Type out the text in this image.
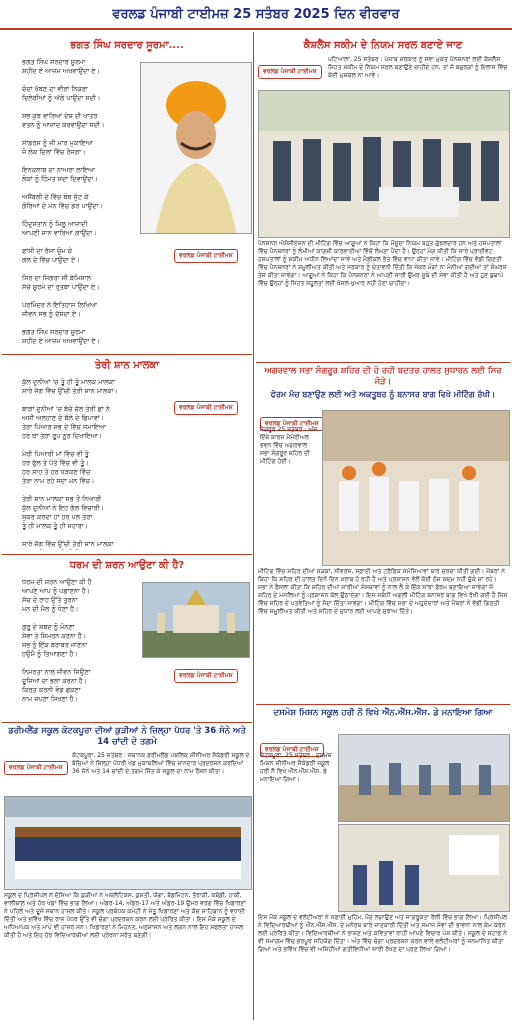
ਵਰਲਡ ਪੰਜਾਬੀ ਟਾਈਮਜ਼ 25 ਸਤੰਬਰ 2025 ਦਿਨ ਵੀਰਵਾਰ
ਭਗਤ ਸਿੰਘ ਸਰਦਾਰ ਸੂਰਮਾ....
ਭਗਤ ਸਿੰਘ ਸਰਦਾਰ ਸੂਰਮਾ
ਸ਼ਹੀਦ ਏ ਆਜ਼ਮ ਅਖਵਾਉਂਦਾ ਏ।

ਚੰਦਾਂ ਖੱਬਣ ਦਾ ਵੀਰਾ ਨਿਕਰਾ
ਦਿਲੇਰੀਆਂ ਨੂੰ ਅੱਗੇ ਪਾਉਂਦਾ ਸਦੀ।

ਸਭ ਕੁਝ ਵਾਰਿਆ ਦੇਸ਼ ਦੀ ਖਾਤਰ
ਵਤਨ ਨੂੰ ਆਜ਼ਾਦ ਕਰਵਾਉਂਦਾ ਸਦੀ।

ਸਾਂਡਰਸ ਨੂੰ ਜੀ ਮਾਰ ਮੁਕਾਇਆ
ਜੋ ਲੋਕ ਦਿਲਾਂ ਵਿੱਚ ਰੰਜਗਾ।

ਇਨਕਲਾਬ ਦਾ ਨਾਅਰਾ ਲਾਇਆ
ਲੋਕਾਂ ਨੂੰ ਹਿੰਮਤ ਸਦਾ ਦਿਵਾਉਂਦਾ।

ਅਸੈਂਬਲੀ ਦੇ ਵਿੱਚ ਬੰਬ ਸੁੱਟ ਕੇ
ਗੋਰਿਆਂ ਦੇ ਮਨ ਵਿੱਚ ਡਰ ਪਾਉਂਦਾ।

ਹਿੰਦੁਸਤਾਨ ਨੂੰ ਮਿਲੂ ਆਜ਼ਾਦੀ
ਆਪਣੀ ਜਾਨ ਵਾਰਿਆ ਗਾਉਂਦਾ।

ਫਾਂਸੀ ਦਾ ਰੱਸਾ ਚੁੰਮ ਕੇ
ਗਲ ਦੇ ਵਿੱਚ ਪਾਉਂਦਾ ਏ।

ਸਿਰ ਦਾ ਜਿਗਰਾ ਸੀ ਬੇਮਿਸਾਲ
ਸੱਚੇ ਸੂਰਮੇ ਦਾ ਰੁਤਬਾ ਪਾਉਂਦਾ ਏ।

ਪਰਮਿੰਦਰ ਨੇ ਇਤਿਹਾਸ ਲਿਖਿਆ
ਜੀਵਨ ਸਭ ਨੂੰ ਦੱਸਦਾ ਏ।

ਭਗਤ ਸਿੰਘ ਸਰਦਾਰ ਸੂਰਮਾ
ਸ਼ਹੀਦ ਏ ਆਜ਼ਮ ਅਖਵਾਉਂਦਾ ਏ।
ਵਰਲਡ ਪੰਜਾਬੀ ਟਾਈਮਜ਼
ਤੇਰੀ ਸ਼ਾਨ ਮਾਲਕਾ
ਕੁੱਲ ਦੁਨੀਆਂ 'ਚ ਤੂੰ ਹੀ ਤੂੰ ਮਾਲਕ ਮਾਲਕਾ
ਸਾਰੇ ਜੱਗ ਵਿੱਚ ਉੱਚੀ ਤੇਰੀ ਸ਼ਾਨ ਮਾਲਕਾ।

ਬਾਗਾਂ ਦੁਨੀਆਂ 'ਚ ਬੱਚੇ ਚੱਲ ਤੇਰੀ ਛਾਂ ਨੇ
ਅਸੀਂ ਅਲਹਾਣ ਦੇ ਬੱਲੇ ਦੇ ਛਿਪਾਵਾਂ।
ਤੇਰਾ ਪਿਆਰ ਸਭ ਦੇ ਵਿੱਚ ਸਮਾਇਆ
ਹਰ ਥਾਂ ਤੇਰਾ ਰੂਪ ਨੂਰ ਦਿਖਾਇਆ।

ਮੇਰੀ ਪਿਆਰੀ ਮਾਂ ਵਿੱਚ ਵੀ ਤੂੰ
ਹਰ ਫੁੱਲ ਤੇ ਪੱਤੇ ਵਿੱਚ ਵੀ ਤੂੰ।
ਹਰ ਸਾਹ ਤੇ ਹਰ ਧੜਕਣ ਵਿੱਚ
ਤੇਰਾ ਨਾਮ ਰਹੇ ਸਦਾ ਮਨ ਵਿੱਚ।

ਤੇਰੀ ਸ਼ਾਨ ਮਾਲਕਾ ਸਭ ਤੋਂ ਨਿਆਰੀ
ਕੁੱਲ ਦੁਨੀਆਂ ਨੇ ਇਹ ਗੱਲ ਵਿਚਾਰੀ।
ਸ਼ੁਕਰ ਕਰਦਾ ਹਾਂ ਹਰ ਪਲ ਤੇਰਾ
ਤੂੰ ਹੀ ਮਾਲਕ ਤੂੰ ਹੀ ਸਹਾਰਾ।

ਸਾਰੇ ਜੱਗ ਵਿੱਚ ਉੱਚੀ ਤੇਰੀ ਸ਼ਾਨ ਮਾਲਕਾ
ਵਰਲਡ ਪੰਜਾਬੀ ਟਾਈਮਜ਼
ਧਰਮ ਦੀ ਸ਼ਰਨ ਆਉਣਾ ਕੀ ਹੈ?
ਧਰਮ ਦੀ ਸ਼ਰਨ ਆਉਣਾ ਕੀ ਹੈ
ਆਪਣੇ ਆਪ ਨੂੰ ਪਛਾਣਨਾ ਹੈ।
ਸੱਚ ਦੇ ਰਾਹ ਉੱਤੇ ਤੁਰਨਾ
ਮਨ ਦੀ ਮੈਲ ਨੂੰ ਧੋਣਾ ਹੈ।

ਗੁਰੂ ਦੇ ਸ਼ਬਦ ਨੂੰ ਮੰਨਣਾ
ਸੇਵਾ ਤੇ ਸਿਮਰਨ ਕਰਨਾ ਹੈ।
ਸਭ ਨੂੰ ਇੱਕ ਬਰਾਬਰ ਜਾਣਨਾ
ਹਉਮੈ ਨੂੰ ਤਿਆਗਣਾ ਹੈ।

ਨਿਮਰਤਾ ਨਾਲ ਜੀਵਨ ਜਿਉਣਾ
ਦੂਜਿਆਂ ਦਾ ਭਲਾ ਕਰਨਾ ਹੈ।
ਕਿਰਤ ਕਰਨੀ ਵੰਡ ਛਕਣਾ
ਨਾਮ ਜਪਣਾ ਸਿਖਣਾ ਹੈ।

ਵਰਲਡ ਪੰਜਾਬੀ ਟਾਈਮਜ਼
ਡਰੀਮਲੈਂਡ ਸਕੂਲ ਕੋਟਕਪੂਰਾ ਦੀਆਂ ਕੁੜੀਆਂ ਨੇ ਜ਼ਿਲ੍ਹਾ ਪੱਧਰ 'ਤੇ 36 ਸੋਨੇ ਅਤੇ 14 ਚਾਂਦੀ ਦੇ ਤਗਮੇ
ਵਰਲਡ ਪੰਜਾਬੀ ਟਾਈਮਜ਼
ਕੋਟਕਪੂਰਾ, 25 ਸਤੰਬਰ : ਸਥਾਨਕ ਡਰੀਮਲੈਂਡ ਪਬਲਿਕ ਸੀਨੀਅਰ ਸੈਕੰਡਰੀ ਸਕੂਲ ਦੇ ਬੱਚਿਆਂ ਨੇ ਜ਼ਿਲ੍ਹਾ ਪੱਧਰੀ ਖੇਡ ਮੁਕਾਬਲਿਆਂ ਵਿੱਚ ਸ਼ਾਨਦਾਰ ਪ੍ਰਦਰਸ਼ਨ ਕਰਦਿਆਂ 36 ਸੋਨੇ ਅਤੇ 14 ਚਾਂਦੀ ਦੇ ਤਗਮੇ ਜਿੱਤ ਕੇ ਸਕੂਲ ਦਾ ਨਾਮ ਰੌਸ਼ਨ ਕੀਤਾ।
ਸਕੂਲ ਦੇ ਪ੍ਰਿੰਸੀਪਲ ਨੇ ਦੱਸਿਆ ਕਿ ਕੁੜੀਆਂ ਨੇ ਅਥਲੈਟਿਕਸ, ਕੁਸ਼ਤੀ, ਯੋਗਾ, ਬੈਡਮਿੰਟਨ, ਤੈਰਾਕੀ, ਕਬੱਡੀ, ਹਾਕੀ, ਵਾਲੀਬਾਲ ਅਤੇ ਹੋਰ ਖੇਡਾਂ ਵਿੱਚ ਭਾਗ ਲਿਆ। ਅੰਡਰ-14, ਅੰਡਰ-17 ਅਤੇ ਅੰਡਰ-19 ਉਮਰ ਵਰਗ ਵਿੱਚ ਖਿਡਾਰਣਾਂ ਨੇ ਪਹਿਲੇ ਅਤੇ ਦੂਜੇ ਸਥਾਨ ਹਾਸਲ ਕੀਤੇ। ਸਕੂਲ ਪ੍ਰਬੰਧਕ ਕਮੇਟੀ ਨੇ ਜੇਤੂ ਖਿਡਾਰਣਾਂ ਅਤੇ ਕੋਚ ਸਾਹਿਬਾਨ ਨੂੰ ਵਧਾਈ ਦਿੱਤੀ ਅਤੇ ਭਵਿੱਖ ਵਿੱਚ ਰਾਜ ਪੱਧਰ ਉੱਤੇ ਵੀ ਚੰਗਾ ਪ੍ਰਦਰਸ਼ਨ ਕਰਨ ਲਈ ਪ੍ਰੇਰਿਤ ਕੀਤਾ। ਇਸ ਮੌਕੇ ਸਕੂਲ ਦੇ ਅਧਿਆਪਕ ਅਤੇ ਮਾਪੇ ਵੀ ਹਾਜ਼ਰ ਸਨ। ਖਿਡਾਰਣਾਂ ਨੇ ਮਿਹਨਤ, ਅਨੁਸ਼ਾਸਨ ਅਤੇ ਲਗਨ ਨਾਲ ਇਹ ਸਫਲਤਾ ਹਾਸਲ ਕੀਤੀ ਹੈ ਅਤੇ ਇਹ ਹੋਰ ਵਿਦਿਆਰਥੀਆਂ ਲਈ ਪ੍ਰੇਰਨਾ ਸਰੋਤ ਬਣੇਗੀ।
ਕੈਸ਼ਲੈੱਸ ਸਕੀਮ ਦੇ ਨਿਯਮ ਸਰਲ ਬਣਾਏ ਜਾਣ
ਵਰਲਡ ਪੰਜਾਬੀ ਟਾਈਮਜ਼
ਪਟਿਆਲਾ, 25 ਸਤੰਬਰ : ਪੰਜਾਬ ਸਰਕਾਰ ਨੂੰ ਸੇਵਾ ਮੁਕਤ ਪੈਨਸ਼ਨਰਾਂ ਲਈ ਕੈਸ਼ਲੈੱਸ ਸਿਹਤ ਸਕੀਮ ਦੇ ਨਿਯਮ ਸਰਲ ਬਣਾਉਣੇ ਚਾਹੀਦੇ ਹਨ, ਤਾਂ ਜੋ ਬਜ਼ੁਰਗਾਂ ਨੂੰ ਇਲਾਜ ਵਿੱਚ ਕੋਈ ਮੁਸ਼ਕਲ ਨਾ ਆਵੇ।
ਪੈਨਸ਼ਨਰ ਐਸੋਸੀਏਸ਼ਨ ਦੀ ਮੀਟਿੰਗ ਵਿੱਚ ਆਗੂਆਂ ਨੇ ਕਿਹਾ ਕਿ ਮੌਜੂਦਾ ਨਿਯਮ ਬਹੁਤ ਗੁੰਝਲਦਾਰ ਹਨ ਅਤੇ ਹਸਪਤਾਲਾਂ ਵਿੱਚ ਪੈਨਸ਼ਨਰਾਂ ਨੂੰ ਲੰਮੀਆਂ ਕਾਗਜ਼ੀ ਕਾਰਵਾਈਆਂ ਵਿੱਚੋਂ ਲੰਘਣਾ ਪੈਂਦਾ ਹੈ। ਉਨ੍ਹਾਂ ਮੰਗ ਕੀਤੀ ਕਿ ਸਾਰੇ ਪ੍ਰਾਈਵੇਟ ਹਸਪਤਾਲਾਂ ਨੂੰ ਸਕੀਮ ਅਧੀਨ ਲਿਆਂਦਾ ਜਾਵੇ ਅਤੇ ਮੈਡੀਕਲ ਭੱਤੇ ਵਿੱਚ ਵਾਧਾ ਕੀਤਾ ਜਾਵੇ। ਮੀਟਿੰਗ ਵਿੱਚ ਵੱਡੀ ਗਿਣਤੀ ਵਿੱਚ ਪੈਨਸ਼ਨਰਾਂ ਨੇ ਸ਼ਮੂਲੀਅਤ ਕੀਤੀ ਅਤੇ ਸਰਕਾਰ ਨੂੰ ਚੇਤਾਵਨੀ ਦਿੱਤੀ ਕਿ ਜੇਕਰ ਮੰਗਾਂ ਨਾ ਮੰਨੀਆਂ ਗਈਆਂ ਤਾਂ ਸੰਘਰਸ਼ ਤੇਜ਼ ਕੀਤਾ ਜਾਵੇਗਾ। ਆਗੂਆਂ ਨੇ ਕਿਹਾ ਕਿ ਪੈਨਸ਼ਨਰਾਂ ਨੇ ਆਪਣੀ ਸਾਰੀ ਉਮਰ ਸੂਬੇ ਦੀ ਸੇਵਾ ਕੀਤੀ ਹੈ ਅਤੇ ਹੁਣ ਬੁਢਾਪੇ ਵਿੱਚ ਉਨ੍ਹਾਂ ਨੂੰ ਸਿਹਤ ਸਹੂਲਤਾਂ ਲਈ ਖੱਜਲ-ਖੁਆਰ ਨਹੀਂ ਹੋਣਾ ਚਾਹੀਦਾ।
ਅਗਰਵਾਲ ਸਭਾ ਸੰਗਰੂਰ ਸ਼ਹਿਰ ਦੀ ਹੋ ਰਹੀ ਬਦਤਰ ਹਾਲਤ ਸੁਧਾਰਨ ਲਈ ਸਿਰ ਜੋੜੇ।
ਫੋਰਮ ਮੰਚ ਬਣਾਉਣ ਲਈ ਅਤੇ ਅਕਤੂਬਰ ਨੂੰ ਬਨਾਸਰ ਬਾਗ ਵਿਖੇ ਮੀਟਿੰਗ ਰੱਖੀ।
ਵਰਲਡ ਪੰਜਾਬੀ ਟਾਈਮਜ਼
ਸੰਗਰੂਰ 25 ਸਤੰਬਰ : ਅੱਜ ਇੱਥੇ ਕਾਰਜ ਮੈਮੋਰੀਅਲ ਭਵਨ ਵਿੱਚ ਅਗਰਵਾਲ ਸਭਾ ਸੰਗਰੂਰ ਸ਼ਹਿਰ ਦੀ ਮੀਟਿੰਗ ਹੋਈ।
ਮੀਟਿੰਗ ਵਿੱਚ ਸ਼ਹਿਰ ਦੀਆਂ ਸੜਕਾਂ, ਸੀਵਰੇਜ, ਸਫ਼ਾਈ ਅਤੇ ਟ੍ਰੈਫਿਕ ਸਮੱਸਿਆਵਾਂ ਬਾਰੇ ਚਰਚਾ ਕੀਤੀ ਗਈ। ਮੈਂਬਰਾਂ ਨੇ ਕਿਹਾ ਕਿ ਸ਼ਹਿਰ ਦੀ ਹਾਲਤ ਦਿਨੋਂ ਦਿਨ ਖ਼ਰਾਬ ਹੋ ਰਹੀ ਹੈ ਅਤੇ ਪ੍ਰਸ਼ਾਸਨ ਵੱਲੋਂ ਕੋਈ ਠੋਸ ਕਦਮ ਨਹੀਂ ਚੁੱਕੇ ਜਾ ਰਹੇ। ਸਭਾ ਨੇ ਫੈਸਲਾ ਕੀਤਾ ਕਿ ਸ਼ਹਿਰ ਦੀਆਂ ਸਾਰੀਆਂ ਸੰਸਥਾਵਾਂ ਨੂੰ ਨਾਲ ਲੈ ਕੇ ਇੱਕ ਸਾਂਝਾ ਫੋਰਮ ਬਣਾਇਆ ਜਾਵੇਗਾ ਜੋ ਸ਼ਹਿਰ ਦੇ ਮਸਲਿਆਂ ਨੂੰ ਪ੍ਰਸ਼ਾਸਨ ਕੋਲ ਉਠਾਏਗਾ। ਇਸ ਸਬੰਧੀ ਅਗਲੀ ਮੀਟਿੰਗ ਬਨਾਸਰ ਬਾਗ ਵਿਖੇ ਰੱਖੀ ਗਈ ਹੈ ਜਿਸ ਵਿੱਚ ਸ਼ਹਿਰ ਦੇ ਪਤਵੰਤਿਆਂ ਨੂੰ ਸੱਦਾ ਦਿੱਤਾ ਜਾਵੇਗਾ। ਮੀਟਿੰਗ ਵਿੱਚ ਸਭਾ ਦੇ ਅਹੁਦੇਦਾਰਾਂ ਅਤੇ ਮੈਂਬਰਾਂ ਨੇ ਵੱਡੀ ਗਿਣਤੀ ਵਿੱਚ ਸ਼ਮੂਲੀਅਤ ਕੀਤੀ ਅਤੇ ਸ਼ਹਿਰ ਦੇ ਸੁਧਾਰ ਲਈ ਆਪਣੇ ਸੁਝਾਅ ਦਿੱਤੇ।
ਦਸਮੇਸ਼ ਮਿਸ਼ਨ ਸਕੂਲ ਹਰੀ ਨੌ ਵਿਖੇ ਐੱਨ.ਐੱਸ.ਐੱਸ. ਡੇ ਮਨਾਇਆ ਗਿਆ
ਵਰਲਡ ਪੰਜਾਬੀ ਟਾਈਮਜ਼
ਕੋਟਕਪੂਰਾ, 25 ਸਤੰਬਰ : ਦਸਮੇਸ਼ ਮਿਸ਼ਨ ਸੀਨੀਅਰ ਸੈਕੰਡਰੀ ਸਕੂਲ ਹਰੀ ਨੌ ਵਿਖੇ ਐੱਨ.ਐੱਸ.ਐੱਸ. ਡੇ ਮਨਾਇਆ ਗਿਆ।
ਇਸ ਮੌਕੇ ਸਕੂਲ ਦੇ ਵਲੰਟੀਅਰਾਂ ਨੇ ਸਫ਼ਾਈ ਮੁਹਿੰਮ, ਪੌਦੇ ਲਗਾਉਣ ਅਤੇ ਜਾਗਰੂਕਤਾ ਰੈਲੀ ਵਿੱਚ ਭਾਗ ਲਿਆ। ਪ੍ਰਿੰਸੀਪਲ ਨੇ ਵਿਦਿਆਰਥੀਆਂ ਨੂੰ ਐੱਨ.ਐੱਸ.ਐੱਸ. ਦੇ ਮਨੋਰਥ ਬਾਰੇ ਜਾਣਕਾਰੀ ਦਿੱਤੀ ਅਤੇ ਸਮਾਜ ਸੇਵਾ ਦੀ ਭਾਵਨਾ ਨਾਲ ਕੰਮ ਕਰਨ ਲਈ ਪ੍ਰੇਰਿਤ ਕੀਤਾ। ਵਿਦਿਆਰਥੀਆਂ ਨੇ ਭਾਸ਼ਣ ਅਤੇ ਕਵਿਤਾਵਾਂ ਰਾਹੀਂ ਆਪਣੇ ਵਿਚਾਰ ਪੇਸ਼ ਕੀਤੇ। ਸਕੂਲ ਦੇ ਸਟਾਫ਼ ਨੇ ਵੀ ਸਮਾਗਮ ਵਿੱਚ ਭਰਪੂਰ ਸਹਿਯੋਗ ਦਿੱਤਾ। ਅੰਤ ਵਿੱਚ ਚੰਗਾ ਪ੍ਰਦਰਸ਼ਨ ਕਰਨ ਵਾਲੇ ਵਲੰਟੀਅਰਾਂ ਨੂੰ ਸਨਮਾਨਿਤ ਕੀਤਾ ਗਿਆ ਅਤੇ ਭਵਿੱਖ ਵਿੱਚ ਵੀ ਅਜਿਹੀਆਂ ਗਤੀਵਿਧੀਆਂ ਜਾਰੀ ਰੱਖਣ ਦਾ ਪ੍ਰਣ ਲਿਆ ਗਿਆ।
